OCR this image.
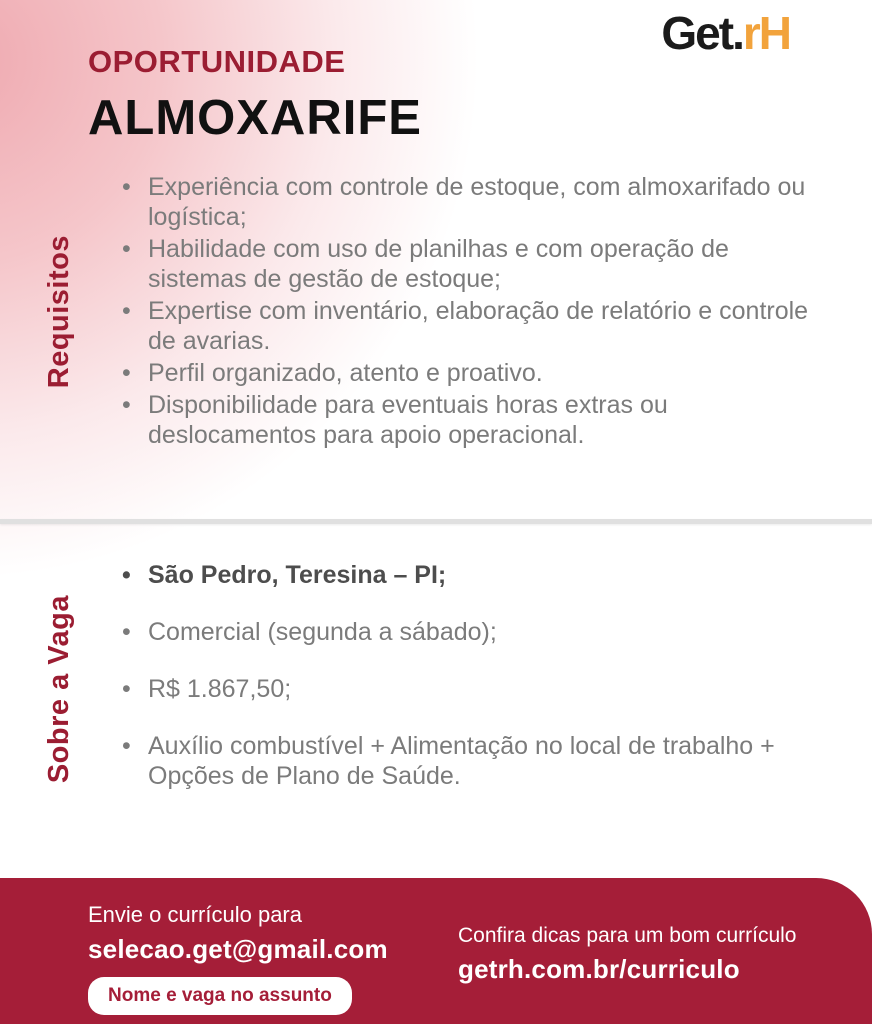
Get.rH

OPORTUNIDADE

ALMOXARIFE

Requisitos
• Experiência com controle de estoque, com almoxarifado ou logística;
• Habilidade com uso de planilhas e com operação de sistemas de gestão de estoque;
• Expertise com inventário, elaboração de relatório e controle de avarias.
• Perfil organizado, atento e proativo.
• Disponibilidade para eventuais horas extras ou deslocamentos para apoio operacional.
Sobre a Vaga
• São Pedro, Teresina – PI;
• Comercial (segunda a sábado);
• R$ 1.867,50;
• Auxílio combustível + Alimentação no local de trabalho + Opções de Plano de Saúde.

Envie o currículo para

selecao.get@gmail.com

Nome e vaga no assunto

Confira dicas para um bom currículo

getrh.com.br/curriculo
